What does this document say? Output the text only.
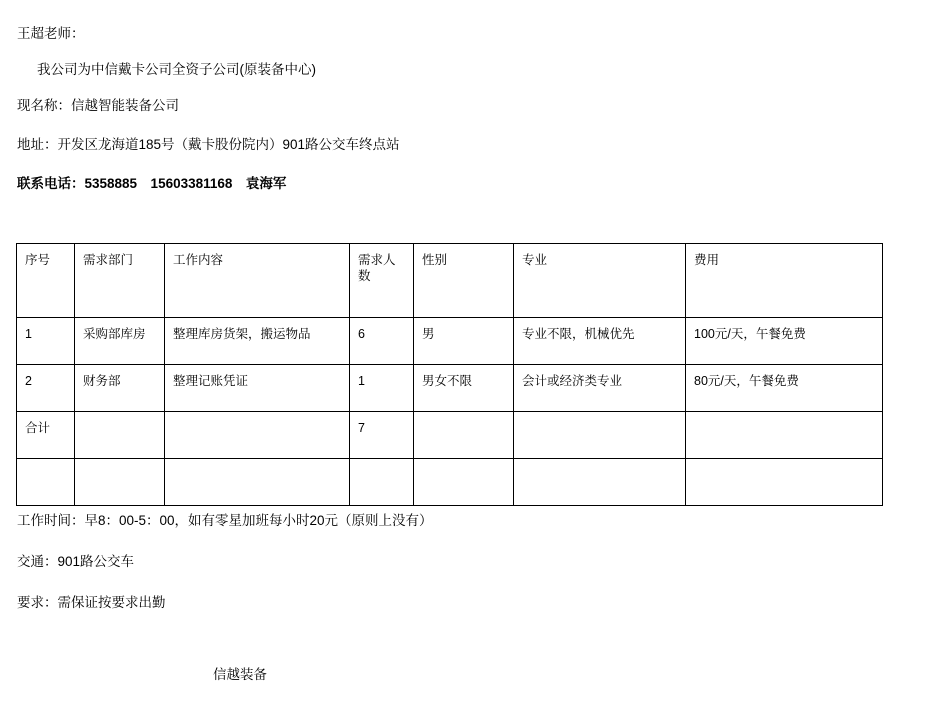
王超老师：
我公司为中信戴卡公司全资子公司(原装备中心)
现名称：信越智能装备公司
地址：开发区龙海道185号（戴卡股份院内）901路公交车终点站
联系电话：5358885　15603381168　袁海军
序号	需求部门	工作内容	需求人数	性别	专业	费用
1	采购部库房	整理库房货架，搬运物品	6	男	专业不限，机械优先	100元/天，午餐免费
2	财务部	整理记账凭证	1	男女不限	会计或经济类专业	80元/天，午餐免费
合计			7			

工作时间：早8：00-5：00，如有零星加班每小时20元（原则上没有）
交通：901路公交车
要求：需保证按要求出勤
信越装备
